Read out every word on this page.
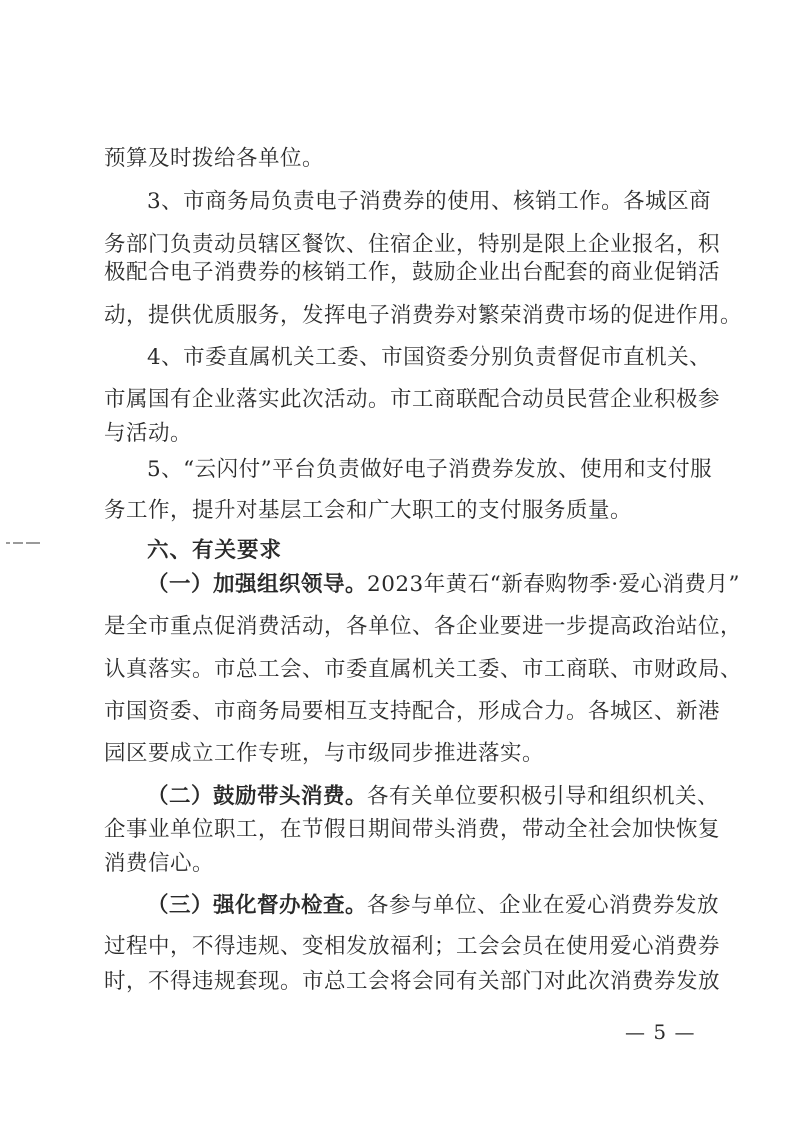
预算及时拨给各单位。
3、市商务局负责电子消费券的使用、核销工作。各城区商
务部门负责动员辖区餐饮、住宿企业，特别是限上企业报名，积
极配合电子消费券的核销工作，鼓励企业出台配套的商业促销活
动，提供优质服务，发挥电子消费券对繁荣消费市场的促进作用。
4、市委直属机关工委、市国资委分别负责督促市直机关、
市属国有企业落实此次活动。市工商联配合动员民营企业积极参
与活动。
5、“云闪付”平台负责做好电子消费券发放、使用和支付服
务工作，提升对基层工会和广大职工的支付服务质量。
六、有关要求
（一）加强组织领导。2023年黄石“新春购物季·爱心消费月”
是全市重点促消费活动，各单位、各企业要进一步提高政治站位，
认真落实。市总工会、市委直属机关工委、市工商联、市财政局、
市国资委、市商务局要相互支持配合，形成合力。各城区、新港
园区要成立工作专班，与市级同步推进落实。
（二）鼓励带头消费。各有关单位要积极引导和组织机关、
企事业单位职工，在节假日期间带头消费，带动全社会加快恢复
消费信心。
（三）强化督办检查。各参与单位、企业在爱心消费券发放
过程中，不得违规、变相发放福利；工会会员在使用爱心消费券
时，不得违规套现。市总工会将会同有关部门对此次消费券发放
— 5 —
